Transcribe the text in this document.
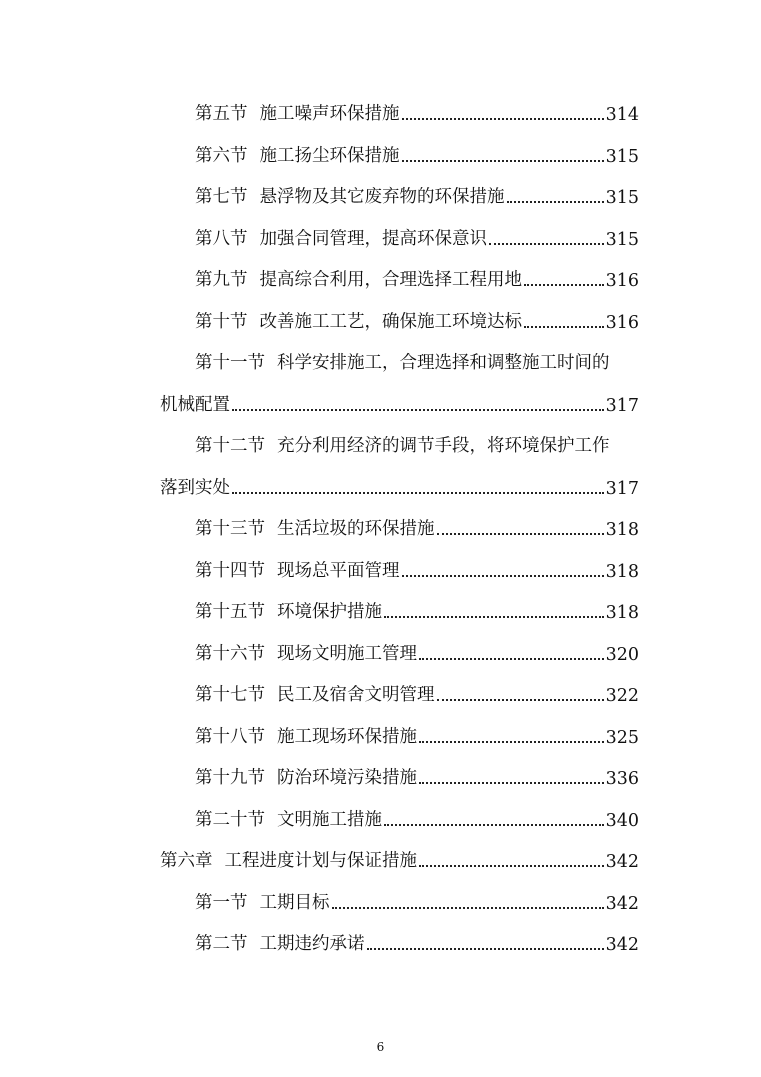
第五节 施工噪声环保措施	314
第六节 施工扬尘环保措施	315
第七节 悬浮物及其它废弃物的环保措施	315
第八节 加强合同管理，提高环保意识	315
第九节 提高综合利用，合理选择工程用地	316
第十节 改善施工工艺，确保施工环境达标	316
第十一节 科学安排施工，合理选择和调整施工时间的
机械配置	317
第十二节 充分利用经济的调节手段，将环境保护工作
落到实处	317
第十三节 生活垃圾的环保措施	318
第十四节 现场总平面管理	318
第十五节 环境保护措施	318
第十六节 现场文明施工管理	320
第十七节 民工及宿舍文明管理	322
第十八节 施工现场环保措施	325
第十九节 防治环境污染措施	336
第二十节 文明施工措施	340
第六章 工程进度计划与保证措施	342
第一节 工期目标	342
第二节 工期违约承诺	342
6
